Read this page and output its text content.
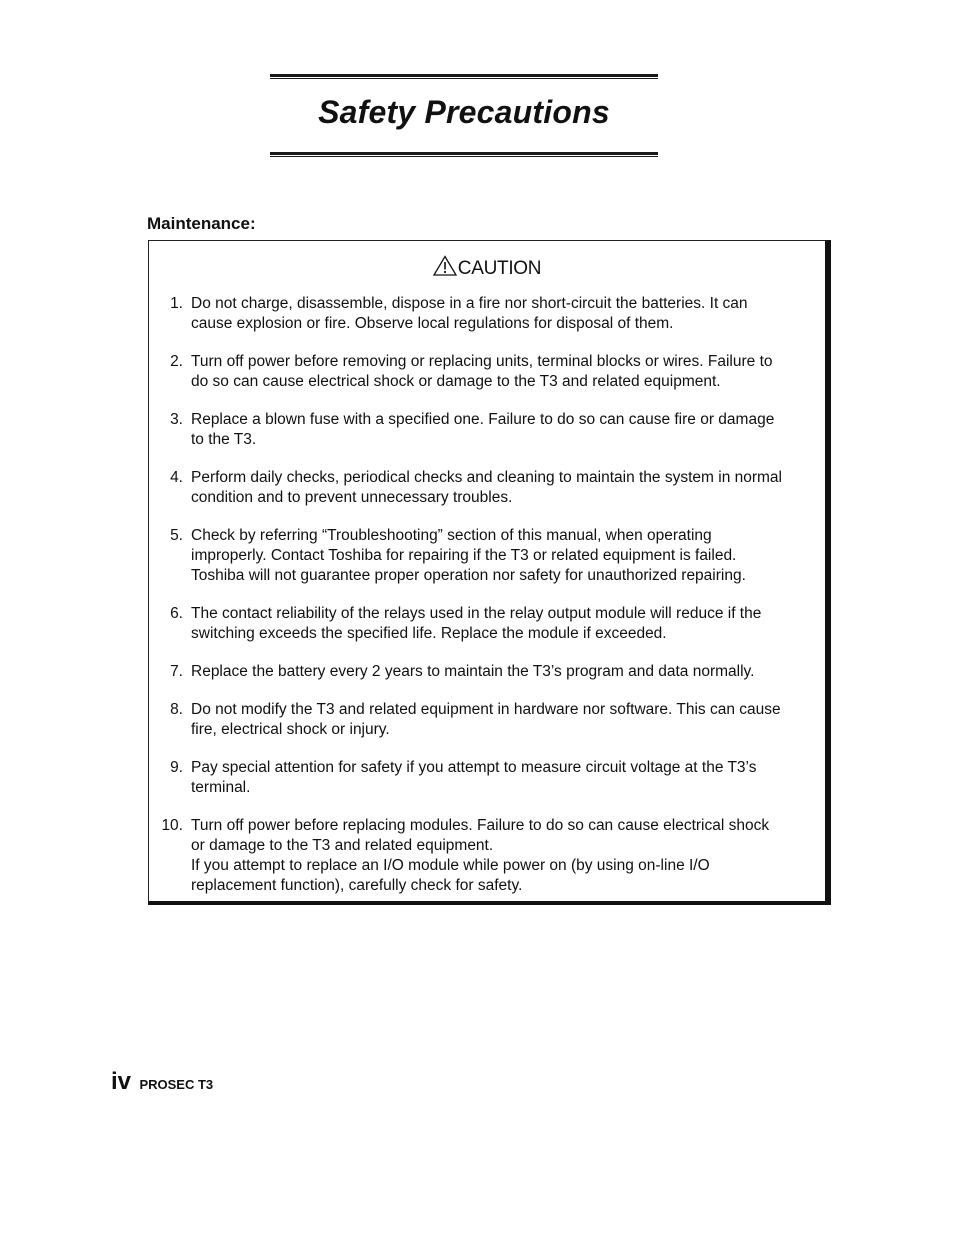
Safety Precautions
Maintenance:
CAUTION
1. Do not charge, disassemble, dispose in a fire nor short-circuit the batteries. It can
cause explosion or fire. Observe local regulations for disposal of them.
2. Turn off power before removing or replacing units, terminal blocks or wires. Failure to
do so can cause electrical shock or damage to the T3 and related equipment.
3. Replace a blown fuse with a specified one. Failure to do so can cause fire or damage
to the T3.
4. Perform daily checks, periodical checks and cleaning to maintain the system in normal
condition and to prevent unnecessary troubles.
5. Check by referring “Troubleshooting” section of this manual, when operating
improperly. Contact Toshiba for repairing if the T3 or related equipment is failed.
Toshiba will not guarantee proper operation nor safety for unauthorized repairing.
6. The contact reliability of the relays used in the relay output module will reduce if the
switching exceeds the specified life. Replace the module if exceeded.
7. Replace the battery every 2 years to maintain the T3’s program and data normally.
8. Do not modify the T3 and related equipment in hardware nor software. This can cause
fire, electrical shock or injury.
9. Pay special attention for safety if you attempt to measure circuit voltage at the T3’s
terminal.
10. Turn off power before replacing modules. Failure to do so can cause electrical shock
or damage to the T3 and related equipment.
If you attempt to replace an I/O module while power on (by using on-line I/O
replacement function), carefully check for safety.
iv PROSEC T3
